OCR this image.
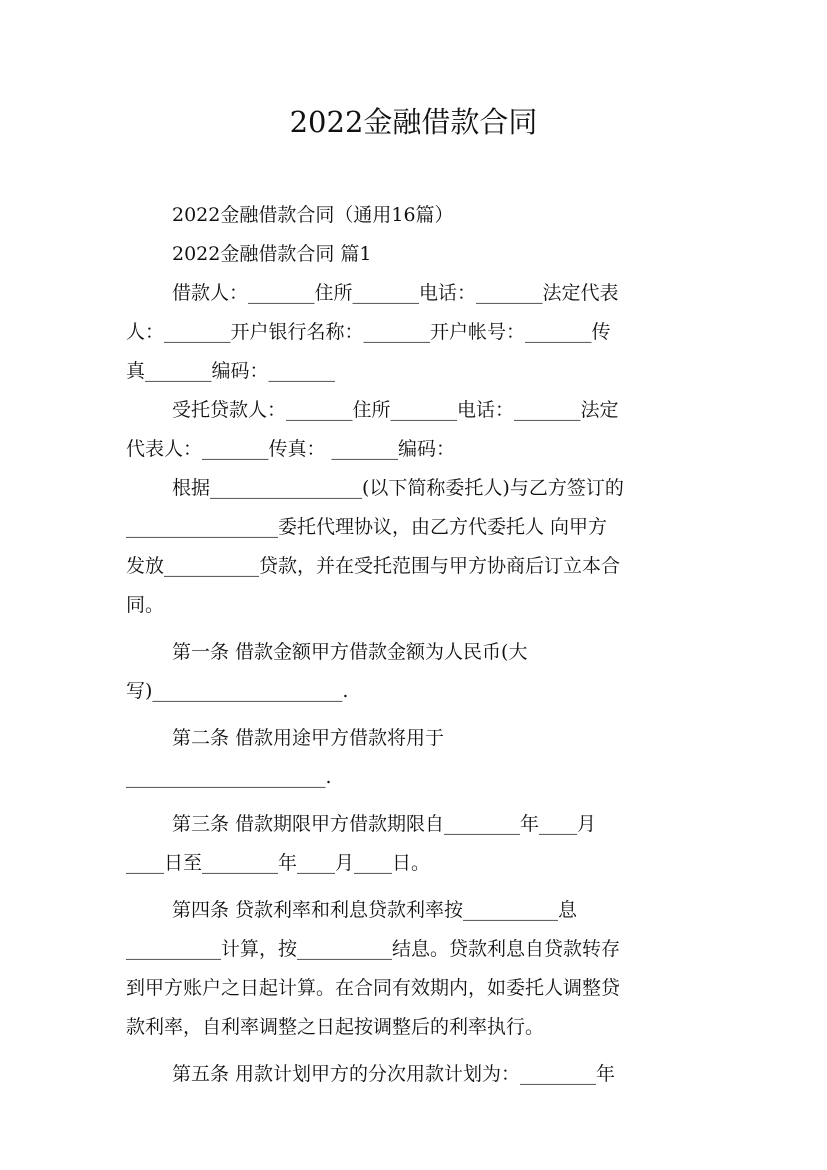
2022金融借款合同
2022金融借款合同（通用16篇）
2022金融借款合同 篇1
借款人：_______住所_______电话：_______法定代表
人：_______开户银行名称：_______开户帐号：_______传
真_______编码：_______
受托贷款人：_______住所_______电话：_______法定
代表人：_______传真： _______编码：
根据________________(以下简称委托人)与乙方签订的
________________委托代理协议，由乙方代委托人 向甲方
发放__________贷款，并在受托范围与甲方协商后订立本合
同。
第一条 借款金额甲方借款金额为人民币(大
写)____________________.
第二条 借款用途甲方借款将用于
_____________________.
第三条 借款期限甲方借款期限自________年____月
____日至________年____月____日。
第四条 贷款利率和利息贷款利率按__________息
__________计算，按__________结息。贷款利息自贷款转存
到甲方账户之日起计算。在合同有效期内，如委托人调整贷
款利率，自利率调整之日起按调整后的利率执行。
第五条 用款计划甲方的分次用款计划为：________年
